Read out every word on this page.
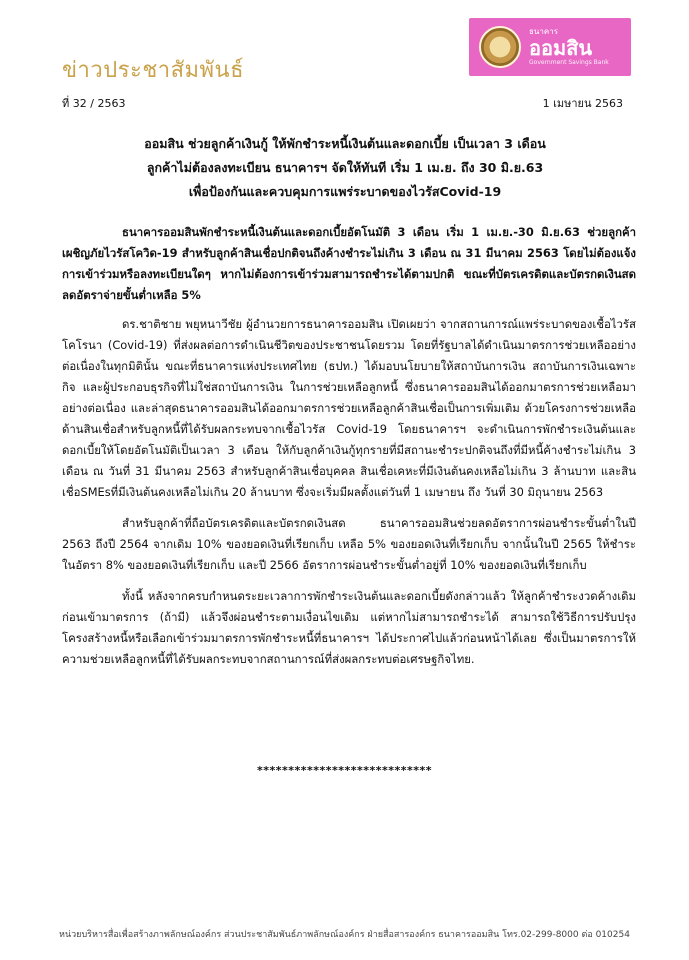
ข่าวประชาสัมพันธ์
ธนาคาร
ออมสิน
Government Savings Bank
ที่ 32 / 2563	1 เมษายน 2563
ออมสิน ช่วยลูกค้าเงินกู้ ให้พักชำระหนี้เงินต้นและดอกเบี้ย เป็นเวลา 3 เดือน
ลูกค้าไม่ต้องลงทะเบียน ธนาคารฯ จัดให้ทันที เริ่ม 1 เม.ย. ถึง 30 มิ.ย.63
เพื่อป้องกันและควบคุมการแพร่ระบาดของไวรัสCovid-19

ธนาคารออมสินพักชำระหนี้เงินต้นและดอกเบี้ยอัตโนมัติ 3 เดือน เริ่ม 1 เม.ย.-30 มิ.ย.63 ช่วยลูกค้าเผชิญภัยไวรัสโควิด-19 สำหรับลูกค้าสินเชื่อปกติจนถึงค้างชำระไม่เกิน 3 เดือน ณ 31 มีนาคม 2563 โดยไม่ต้องแจ้งการเข้าร่วมหรือลงทะเบียนใดๆ หากไม่ต้องการเข้าร่วมสามารถชำระได้ตามปกติ ขณะที่บัตรเครดิตและบัตรกดเงินสด ลดอัตราจ่ายขั้นต่ำเหลือ 5%

ดร.ชาติชาย พยุหนาวีชัย ผู้อำนวยการธนาคารออมสิน เปิดเผยว่า จากสถานการณ์แพร่ระบาดของเชื้อไวรัสโคโรนา (Covid-19) ที่ส่งผลต่อการดำเนินชีวิตของประชาชนโดยรวม โดยที่รัฐบาลได้ดำเนินมาตรการช่วยเหลืออย่างต่อเนื่องในทุกมิตินั้น ขณะที่ธนาคารแห่งประเทศไทย (ธปท.) ได้มอบนโยบายให้สถาบันการเงิน สถาบันการเงินเฉพาะกิจ และผู้ประกอบธุรกิจที่ไม่ใช่สถาบันการเงิน ในการช่วยเหลือลูกหนี้ ซึ่งธนาคารออมสินได้ออกมาตรการช่วยเหลือมาอย่างต่อเนื่อง และล่าสุดธนาคารออมสินได้ออกมาตรการช่วยเหลือลูกค้าสินเชื่อเป็นการเพิ่มเติม ด้วยโครงการช่วยเหลือด้านสินเชื่อสำหรับลูกหนี้ที่ได้รับผลกระทบจากเชื้อไวรัส Covid-19 โดยธนาคารฯ จะดำเนินการพักชำระเงินต้นและดอกเบี้ยให้โดยอัตโนมัติเป็นเวลา 3 เดือน ให้กับลูกค้าเงินกู้ทุกรายที่มีสถานะชำระปกติจนถึงที่มีหนี้ค้างชำระไม่เกิน 3 เดือน ณ วันที่ 31 มีนาคม 2563 สำหรับลูกค้าสินเชื่อบุคคล สินเชื่อเคหะที่มีเงินต้นคงเหลือไม่เกิน 3 ล้านบาท และสินเชื่อSMEsที่มีเงินต้นคงเหลือไม่เกิน 20 ล้านบาท ซึ่งจะเริ่มมีผลตั้งแต่วันที่ 1 เมษายน ถึง วันที่ 30 มิถุนายน 2563

สำหรับลูกค้าที่ถือบัตรเครดิตและบัตรกดเงินสด ธนาคารออมสินช่วยลดอัตราการผ่อนชำระขั้นต่ำในปี 2563 ถึงปี 2564 จากเดิม 10% ของยอดเงินที่เรียกเก็บ เหลือ 5% ของยอดเงินที่เรียกเก็บ จากนั้นในปี 2565 ให้ชำระในอัตรา 8% ของยอดเงินที่เรียกเก็บ และปี 2566 อัตราการผ่อนชำระขั้นต่ำอยู่ที่ 10% ของยอดเงินที่เรียกเก็บ

ทั้งนี้ หลังจากครบกำหนดระยะเวลาการพักชำระเงินต้นและดอกเบี้ยดังกล่าวแล้ว ให้ลูกค้าชำระงวดค้างเดิมก่อนเข้ามาตรการ (ถ้ามี) แล้วจึงผ่อนชำระตามเงื่อนไขเดิม แต่หากไม่สามารถชำระได้ สามารถใช้วิธีการปรับปรุงโครงสร้างหนี้หรือเลือกเข้าร่วมมาตรการพักชำระหนี้ที่ธนาคารฯ ได้ประกาศไปแล้วก่อนหน้าได้เลย ซึ่งเป็นมาตรการให้ความช่วยเหลือลูกหนี้ที่ได้รับผลกระทบจากสถานการณ์ที่ส่งผลกระทบต่อเศรษฐกิจไทย.

****************************
หน่วยบริหารสื่อเพื่อสร้างภาพลักษณ์องค์กร ส่วนประชาสัมพันธ์ภาพลักษณ์องค์กร ฝ่ายสื่อสารองค์กร ธนาคารออมสิน โทร.02-299-8000 ต่อ 010254
